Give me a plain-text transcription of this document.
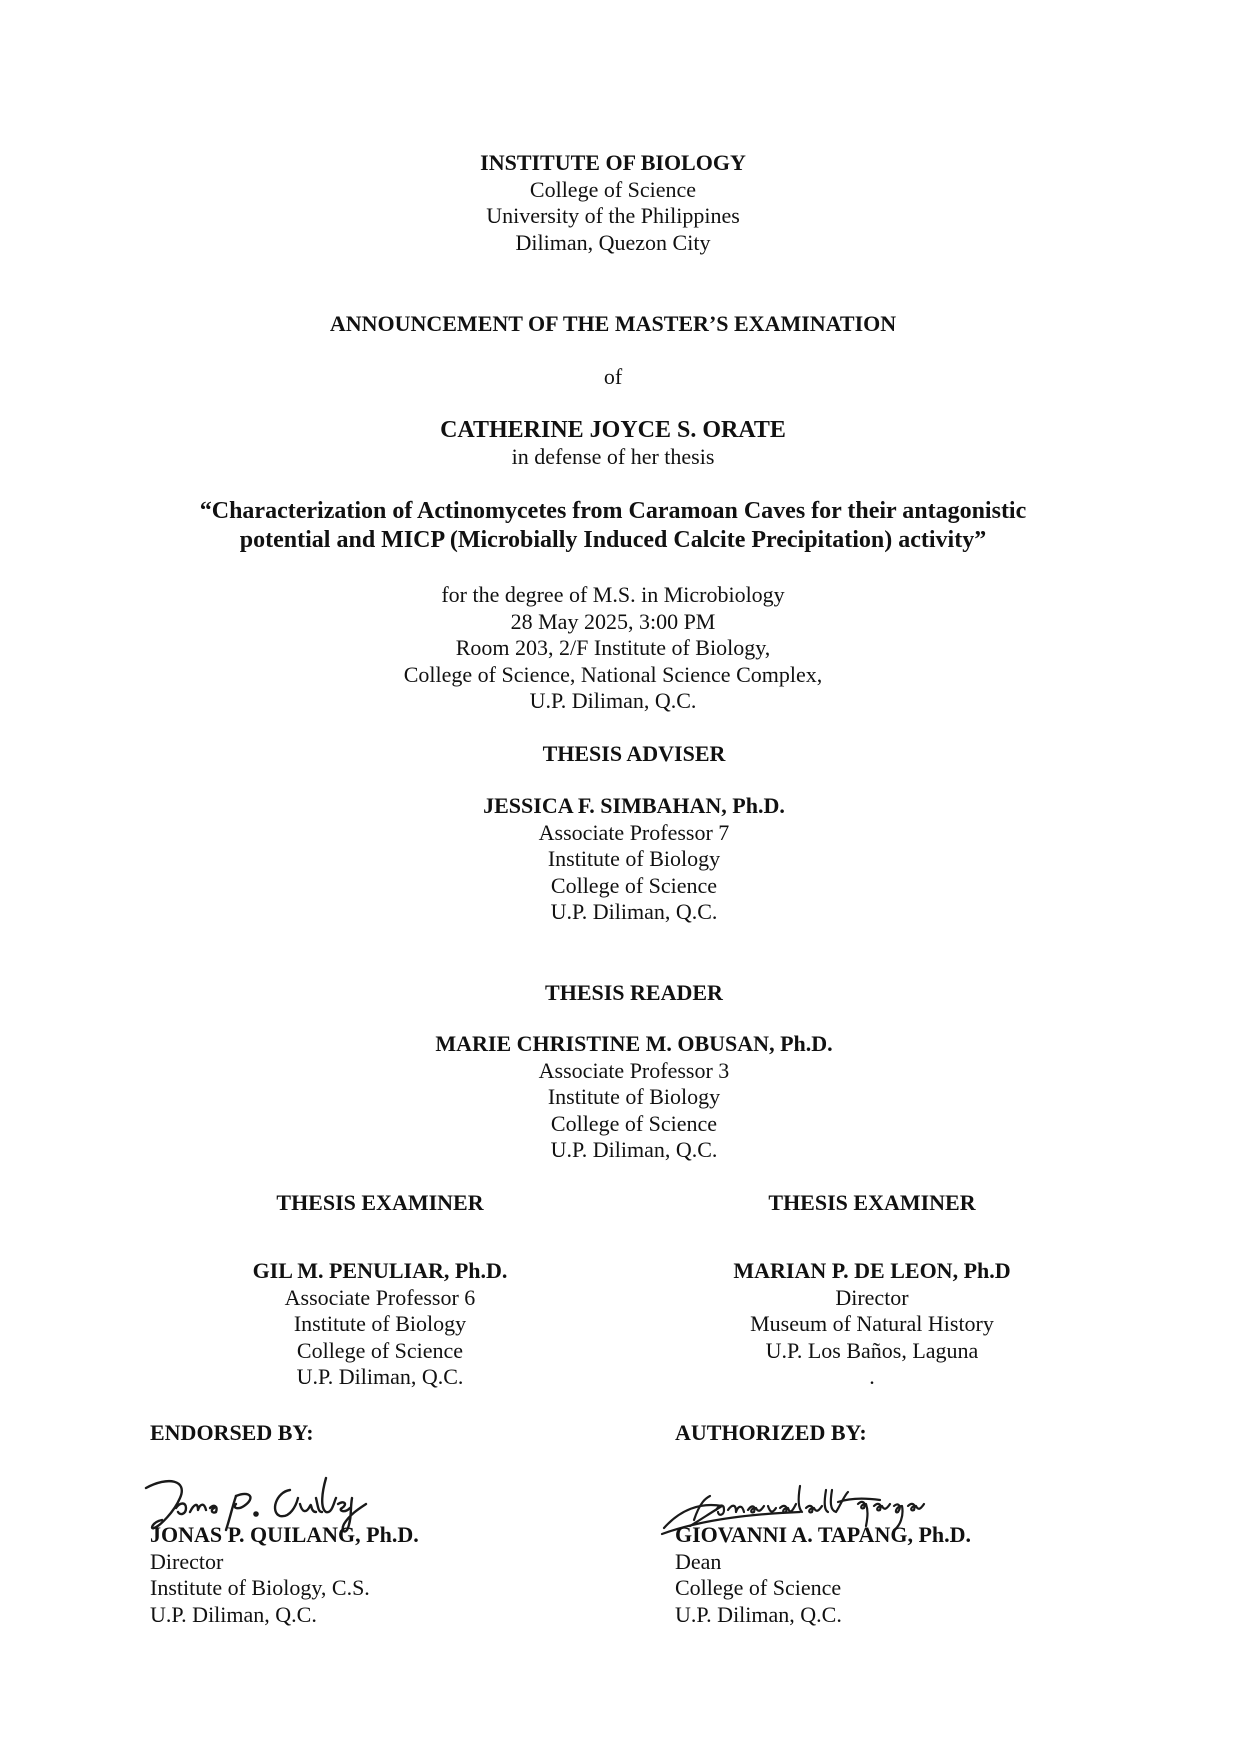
INSTITUTE OF BIOLOGY
College of Science
University of the Philippines
Diliman, Quezon City
ANNOUNCEMENT OF THE MASTER’S EXAMINATION
of
CATHERINE JOYCE S. ORATE
in defense of her thesis
“Characterization of Actinomycetes from Caramoan Caves for their antagonistic
potential and MICP (Microbially Induced Calcite Precipitation) activity”
for the degree of M.S. in Microbiology
28 May 2025, 3:00 PM
Room 203, 2/F Institute of Biology,
College of Science, National Science Complex,
U.P. Diliman, Q.C.
THESIS ADVISER
JESSICA F. SIMBAHAN, Ph.D.
Associate Professor 7
Institute of Biology
College of Science
U.P. Diliman, Q.C.
THESIS READER
MARIE CHRISTINE M. OBUSAN, Ph.D.
Associate Professor 3
Institute of Biology
College of Science
U.P. Diliman, Q.C.
THESIS EXAMINER
GIL M. PENULIAR, Ph.D.
Associate Professor 6
Institute of Biology
College of Science
U.P. Diliman, Q.C.
THESIS EXAMINER
MARIAN P. DE LEON, Ph.D
Director
Museum of Natural History
U.P. Los Baños, Laguna
.
ENDORSED BY:
JONAS P. QUILANG, Ph.D.
Director
Institute of Biology, C.S.
U.P. Diliman, Q.C.
AUTHORIZED BY:
GIOVANNI A. TAPANG, Ph.D.
Dean
College of Science
U.P. Diliman, Q.C.
